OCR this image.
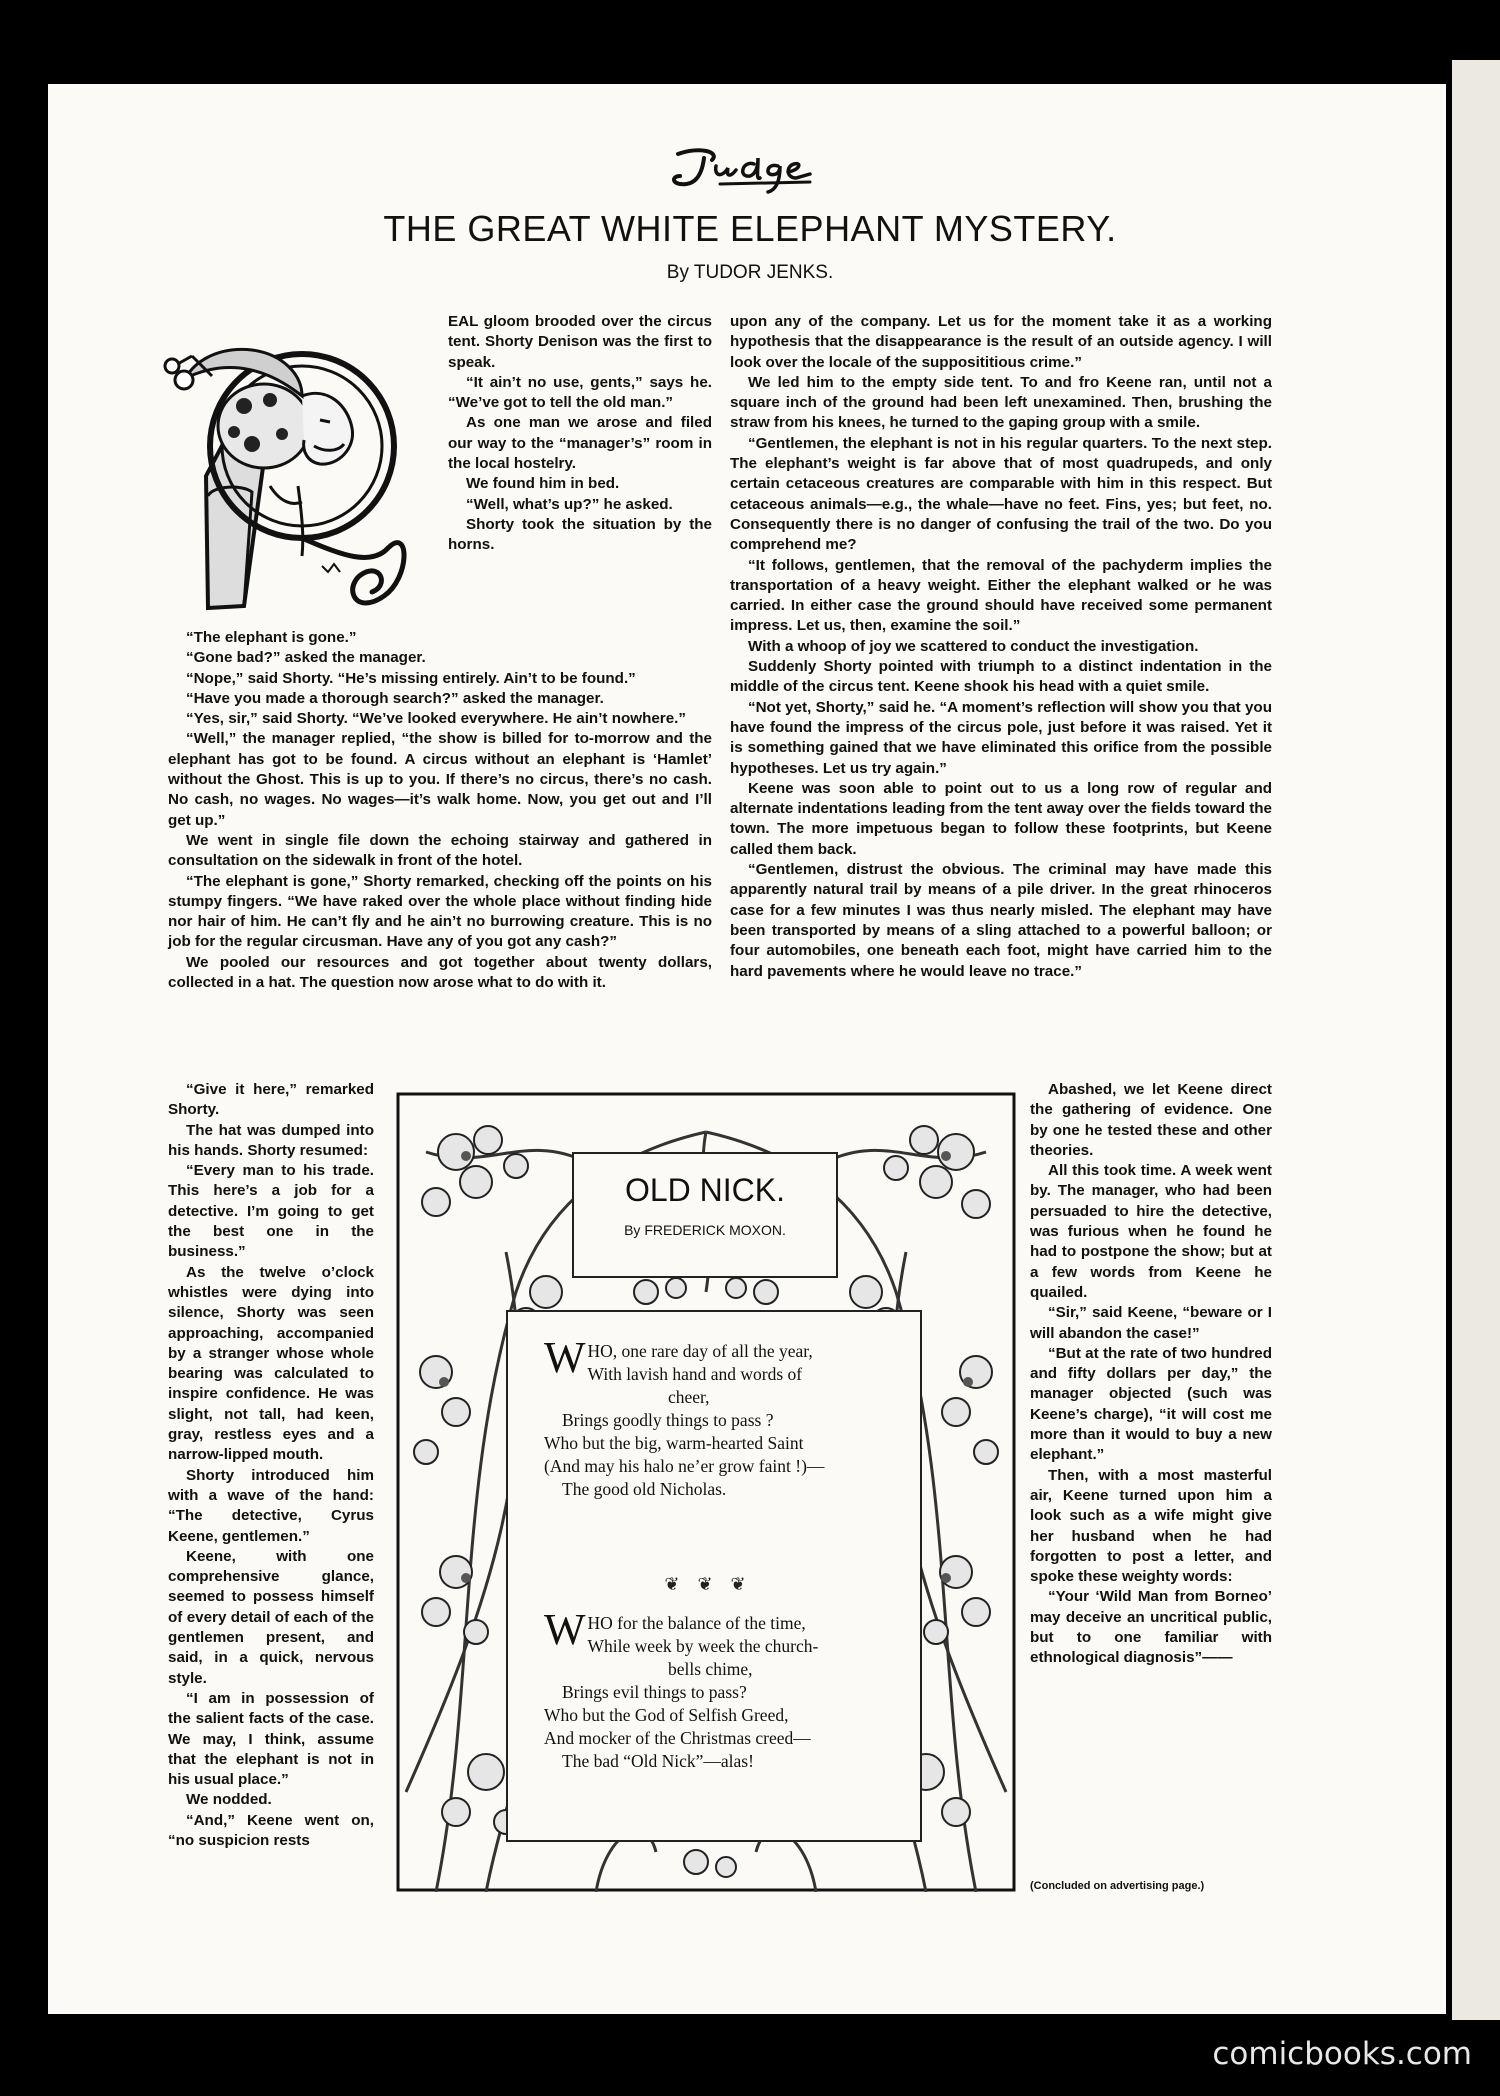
THE GREAT WHITE ELEPHANT MYSTERY.
By TUDOR JENKS.

EAL gloom brooded over the circus tent. Shorty Denison was the first to speak.

“It ain’t no use, gents,” says he. “We’ve got to tell the old man.”

As one man we arose and filed our way to the “manager’s” room in the local hostelry.

We found him in bed.

“Well, what’s up?” he asked.

Shorty took the situation by the horns.

“The elephant is gone.”

“Gone bad?” asked the manager.

“Nope,” said Shorty. “He’s missing entirely. Ain’t to be found.”

“Have you made a thorough search?” asked the manager.

“Yes, sir,” said Shorty. “We’ve looked everywhere. He ain’t nowhere.”

“Well,” the manager replied, “the show is billed for to-morrow and the elephant has got to be found. A circus without an elephant is ‘Hamlet’ without the Ghost. This is up to you. If there’s no circus, there’s no cash. No cash, no wages. No wages—it’s walk home. Now, you get out and I’ll get up.”

We went in single file down the echoing stairway and gathered in consultation on the sidewalk in front of the hotel.

“The elephant is gone,” Shorty remarked, checking off the points on his stumpy fingers. “We have raked over the whole place without finding hide nor hair of him. He can’t fly and he ain’t no burrowing creature. This is no job for the regular circusman. Have any of you got any cash?”

We pooled our resources and got together about twenty dollars, collected in a hat. The question now arose what to do with it.

“Give it here,” remarked Shorty.

The hat was dumped into his hands. Shorty resumed:

“Every man to his trade. This here’s a job for a detective. I’m going to get the best one in the business.”

As the twelve o’clock whistles were dying into silence, Shorty was seen approaching, accompanied by a stranger whose whole bearing was calculated to inspire confidence. He was slight, not tall, had keen, gray, restless eyes and a narrow-lipped mouth.

Shorty introduced him with a wave of the hand: “The detective, Cyrus Keene, gentlemen.”

Keene, with one comprehensive glance, seemed to possess himself of every detail of each of the gentlemen present, and said, in a quick, nervous style.

“I am in possession of the salient facts of the case. We may, I think, assume that the elephant is not in his usual place.”

We nodded.

“And,” Keene went on, “no suspicion rests

upon any of the company. Let us for the moment take it as a working hypothesis that the disappearance is the result of an outside agency. I will look over the locale of the supposititious crime.”

We led him to the empty side tent. To and fro Keene ran, until not a square inch of the ground had been left unexamined. Then, brushing the straw from his knees, he turned to the gaping group with a smile.

“Gentlemen, the elephant is not in his regular quarters. To the next step. The elephant’s weight is far above that of most quadrupeds, and only certain cetaceous creatures are comparable with him in this respect. But cetaceous animals—e.g., the whale—have no feet. Fins, yes; but feet, no. Consequently there is no danger of confusing the trail of the two. Do you comprehend me?

“It follows, gentlemen, that the removal of the pachyderm implies the transportation of a heavy weight. Either the elephant walked or he was carried. In either case the ground should have received some permanent impress. Let us, then, examine the soil.”

With a whoop of joy we scattered to conduct the investigation.

Suddenly Shorty pointed with triumph to a distinct indentation in the middle of the circus tent. Keene shook his head with a quiet smile.

“Not yet, Shorty,” said he. “A moment’s reflection will show you that you have found the impress of the circus pole, just before it was raised. Yet it is something gained that we have eliminated this orifice from the possible hypotheses. Let us try again.”

Keene was soon able to point out to us a long row of regular and alternate indentations leading from the tent away over the fields toward the town. The more impetuous began to follow these footprints, but Keene called them back.

“Gentlemen, distrust the obvious. The criminal may have made this apparently natural trail by means of a pile driver. In the great rhinoceros case for a few minutes I was thus nearly misled. The elephant may have been transported by means of a sling attached to a powerful balloon; or four automobiles, one beneath each foot, might have carried him to the hard pavements where he would leave no trace.”

Abashed, we let Keene direct the gathering of evidence. One by one he tested these and other theories.

All this took time. A week went by. The manager, who had been persuaded to hire the detective, was furious when he found he had to postpone the show; but at a few words from Keene he quailed.

“Sir,” said Keene, “beware or I will abandon the case!”

“But at the rate of two hundred and fifty dollars per day,” the manager objected (such was Keene’s charge), “it will cost me more than it would to buy a new elephant.”

Then, with a most masterful air, Keene turned upon him a look such as a wife might give her husband when he had forgotten to post a letter, and spoke these weighty words:

“Your ‘Wild Man from Borneo’ may deceive an uncritical public, but to one familiar with ethnological diagnosis”——

(Concluded on advertising page.)
OLD NICK.
By FREDERICK MOXON.
WHO, one rare day of all the year,
With lavish hand and words of
cheer,
Brings goodly things to pass ?
Who but the big, warm-hearted Saint
(And may his halo ne’er grow faint !)—
The good old Nicholas.
❦❦❦
WHO for the balance of the time,
While week by week the church-
bells chime,
Brings evil things to pass?
Who but the God of Selfish Greed,
And mocker of the Christmas creed—
The bad “Old Nick”—alas!
comicbooks.com
